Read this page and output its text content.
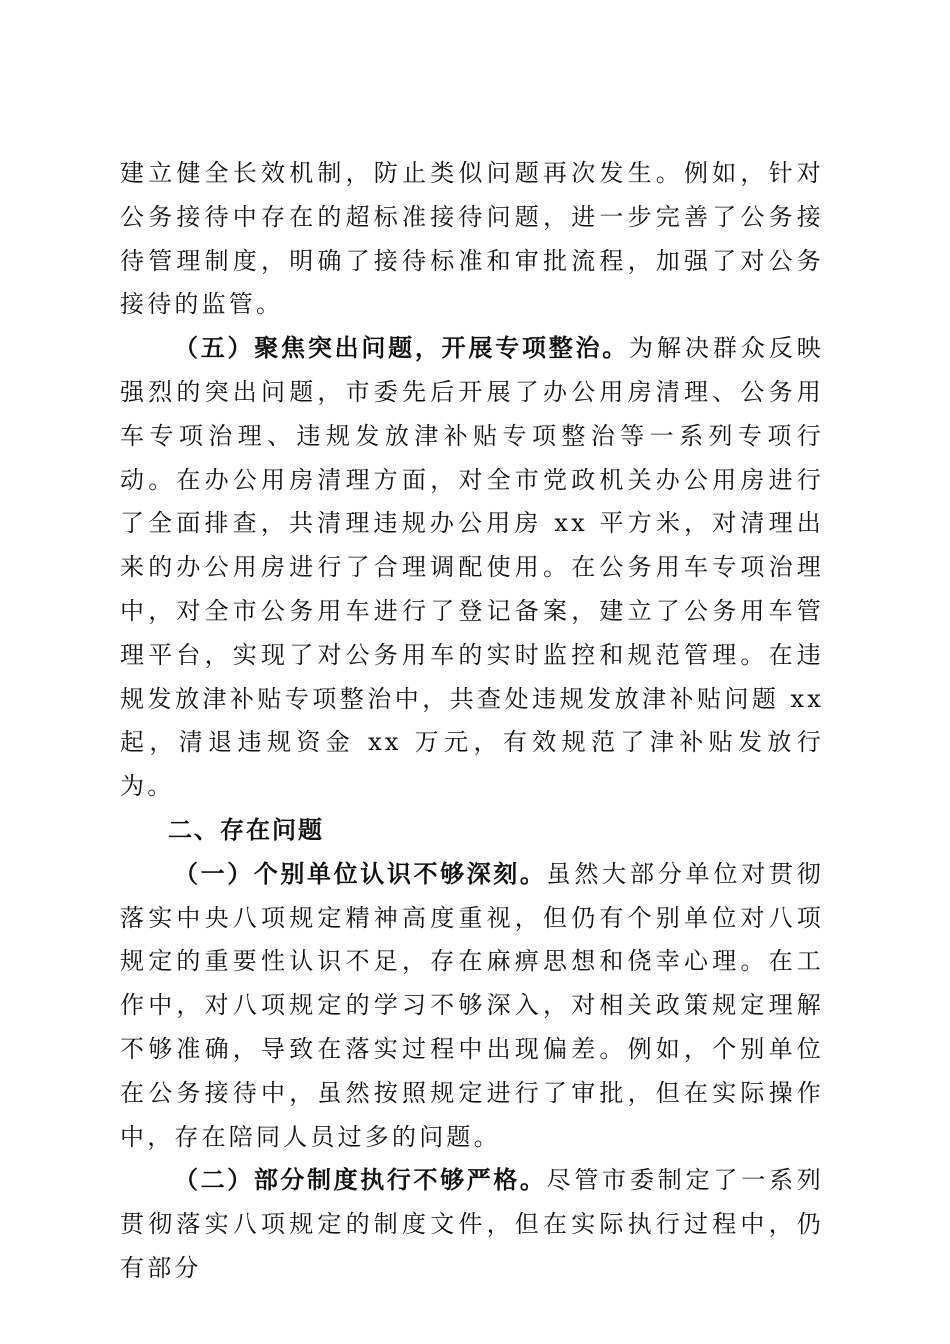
建立健全长效机制，防止类似问题再次发生。例如，针对公务接待中存在的超标准接待问题，进一步完善了公务接待管理制度，明确了接待标准和审批流程，加强了对公务接待的监管。

（五）聚焦突出问题，开展专项整治。为解决群众反映强烈的突出问题，市委先后开展了办公用房清理、公务用车专项治理、违规发放津补贴专项整治等一系列专项行动。在办公用房清理方面，对全市党政机关办公用房进行了全面排查，共清理违规办公用房 xx 平方米，对清理出来的办公用房进行了合理调配使用。在公务用车专项治理中，对全市公务用车进行了登记备案，建立了公务用车管理平台，实现了对公务用车的实时监控和规范管理。在违规发放津补贴专项整治中，共查处违规发放津补贴问题 xx 起，清退违规资金 xx 万元，有效规范了津补贴发放行为。

二、存在问题

（一）个别单位认识不够深刻。虽然大部分单位对贯彻落实中央八项规定精神高度重视，但仍有个别单位对八项规定的重要性认识不足，存在麻痹思想和侥幸心理。在工作中，对八项规定的学习不够深入，对相关政策规定理解不够准确，导致在落实过程中出现偏差。例如，个别单位在公务接待中，虽然按照规定进行了审批，但在实际操作中，存在陪同人员过多的问题。

（二）部分制度执行不够严格。尽管市委制定了一系列贯彻落实八项规定的制度文件，但在实际执行过程中，仍有部分
